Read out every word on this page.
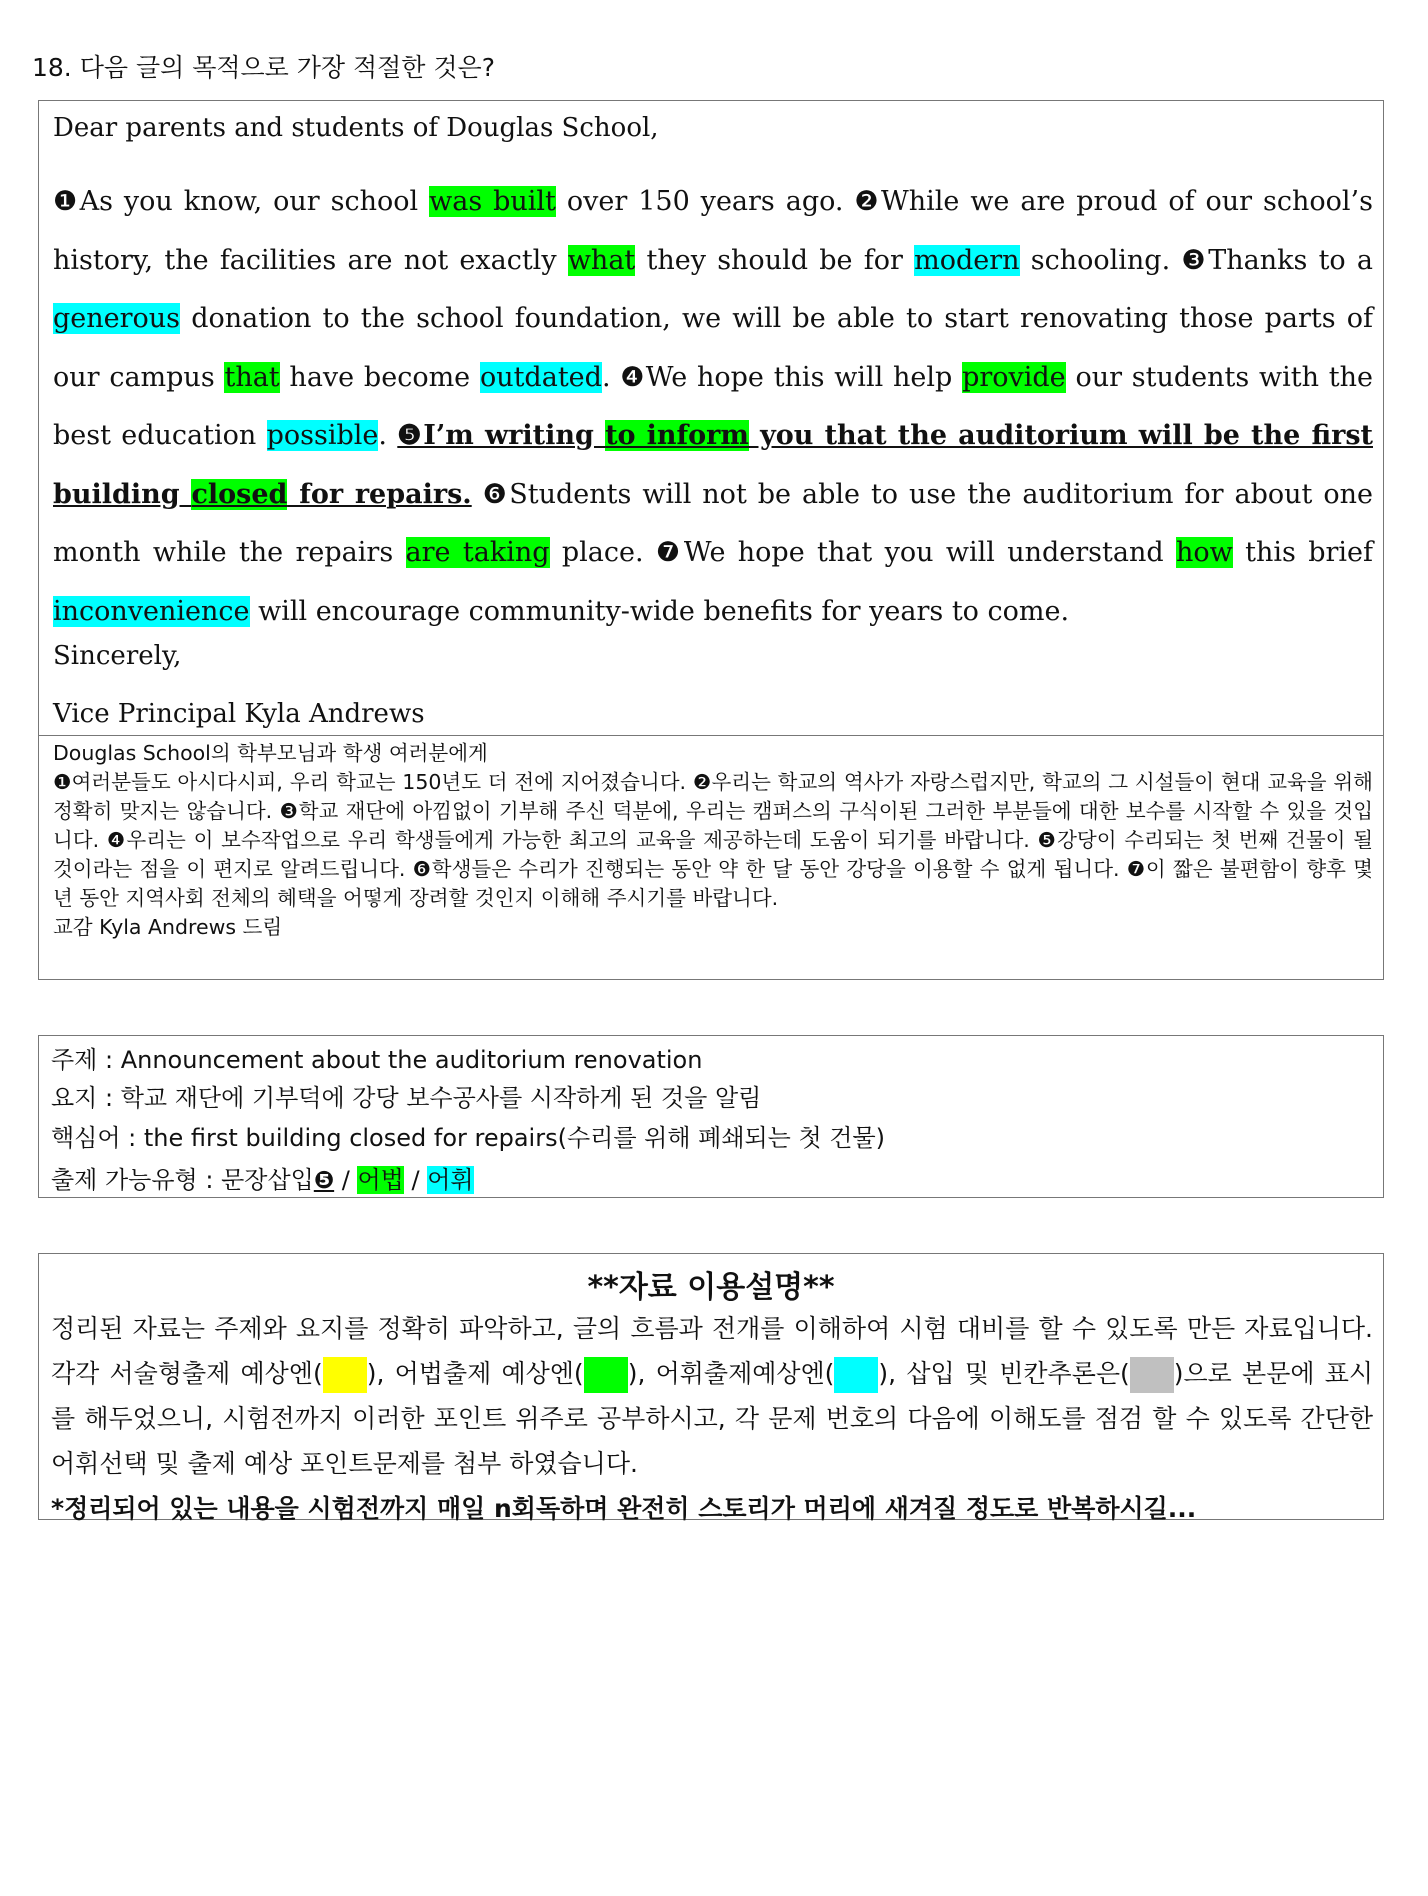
18. 다음 글의 목적으로 가장 적절한 것은?
Dear parents and students of Douglas School,
❶As you know, our school was built over 150 years ago. ❷While we are proud of our school’s history, the facilities are not exactly what they should be for modern schooling. ❸Thanks to a generous donation to the school foundation, we will be able to start renovating those parts of our campus that have become outdated. ❹We hope this will help provide our students with the best education possible. ❺I’m writing to inform you that the auditorium will be the first building closed for repairs. ❻Students will not be able to use the auditorium for about one month while the repairs are taking place. ❼We hope that you will understand how this brief inconvenience will encourage community-wide benefits for years to come.
Sincerely,
Vice Principal Kyla Andrews
Douglas School의 학부모님과 학생 여러분에게
❶여러분들도 아시다시피, 우리 학교는 150년도 더 전에 지어졌습니다. ❷우리는 학교의 역사가 자랑스럽지만, 학교의 그 시설들이 현대 교육을 위해 정확히 맞지는 않습니다. ❸학교 재단에 아낌없이 기부해 주신 덕분에, 우리는 캠퍼스의 구식이된 그러한 부분들에 대한 보수를 시작할 수 있을 것입니다. ❹우리는 이 보수작업으로 우리 학생들에게 가능한 최고의 교육을 제공하는데 도움이 되기를 바랍니다. ❺강당이 수리되는 첫 번째 건물이 될 것이라는 점을 이 편지로 알려드립니다. ❻학생들은 수리가 진행되는 동안 약 한 달 동안 강당을 이용할 수 없게 됩니다. ❼이 짧은 불편함이 향후 몇 년 동안 지역사회 전체의 혜택을 어떻게 장려할 것인지 이해해 주시기를 바랍니다.
교감 Kyla Andrews 드림
주제 : Announcement about the auditorium renovation
요지 : 학교 재단에 기부덕에 강당 보수공사를 시작하게 된 것을 알림
핵심어 : the first building closed for repairs(수리를 위해 폐쇄되는 첫 건물)
출제 가능유형 : 문장삽입❺ / 어법 / 어휘
**자료 이용설명**
정리된 자료는 주제와 요지를 정확히 파악하고, 글의 흐름과 전개를 이해하여 시험 대비를 할 수 있도록 만든 자료입니다. 각각 서술형출제 예상엔( ), 어법출제 예상엔( ), 어휘출제예상엔( ), 삽입 및 빈칸추론은( )으로 본문에 표시를 해두었으니, 시험전까지 이러한 포인트 위주로 공부하시고, 각 문제 번호의 다음에 이해도를 점검 할 수 있도록 간단한 어휘선택 및 출제 예상 포인트문제를 첨부 하였습니다.
*정리되어 있는 내용을 시험전까지 매일 n회독하며 완전히 스토리가 머리에 새겨질 정도로 반복하시길...
